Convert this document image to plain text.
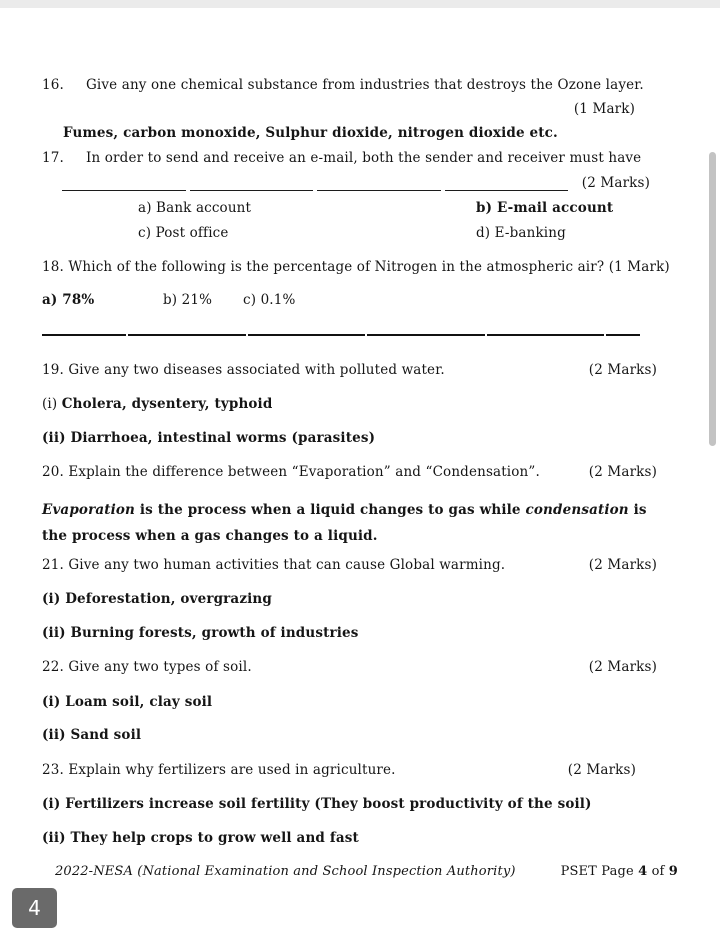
16.	Give any one chemical substance from industries that destroys the Ozone layer.
(1 Mark)
Fumes, carbon monoxide, Sulphur dioxide, nitrogen dioxide etc.
17.	In order to send and receive an e-mail, both the sender and receiver must have
(2 Marks)
a) Bank account	b) E-mail account
c) Post office	d) E-banking
18. Which of the following is the percentage of Nitrogen in the atmospheric air? (1 Mark)
a) 78%	b) 21% c) 0.1%
19. Give any two diseases associated with polluted water.	(2 Marks)
(i) Cholera, dysentery, typhoid
(ii) Diarrhoea, intestinal worms (parasites)
20. Explain the difference between “Evaporation” and “Condensation”.	(2 Marks)
Evaporation is the process when a liquid changes to gas while condensation is the process when a gas changes to a liquid.
21. Give any two human activities that can cause Global warming.	(2 Marks)
(i) Deforestation, overgrazing
(ii) Burning forests, growth of industries
22. Give any two types of soil.	(2 Marks)
(i) Loam soil, clay soil
(ii) Sand soil
23. Explain why fertilizers are used in agriculture.	(2 Marks)
(i) Fertilizers increase soil fertility (They boost productivity of the soil)
(ii) They help crops to grow well and fast
2022-NESA (National Examination and School Inspection Authority)	PSET Page 4 of 9
4
